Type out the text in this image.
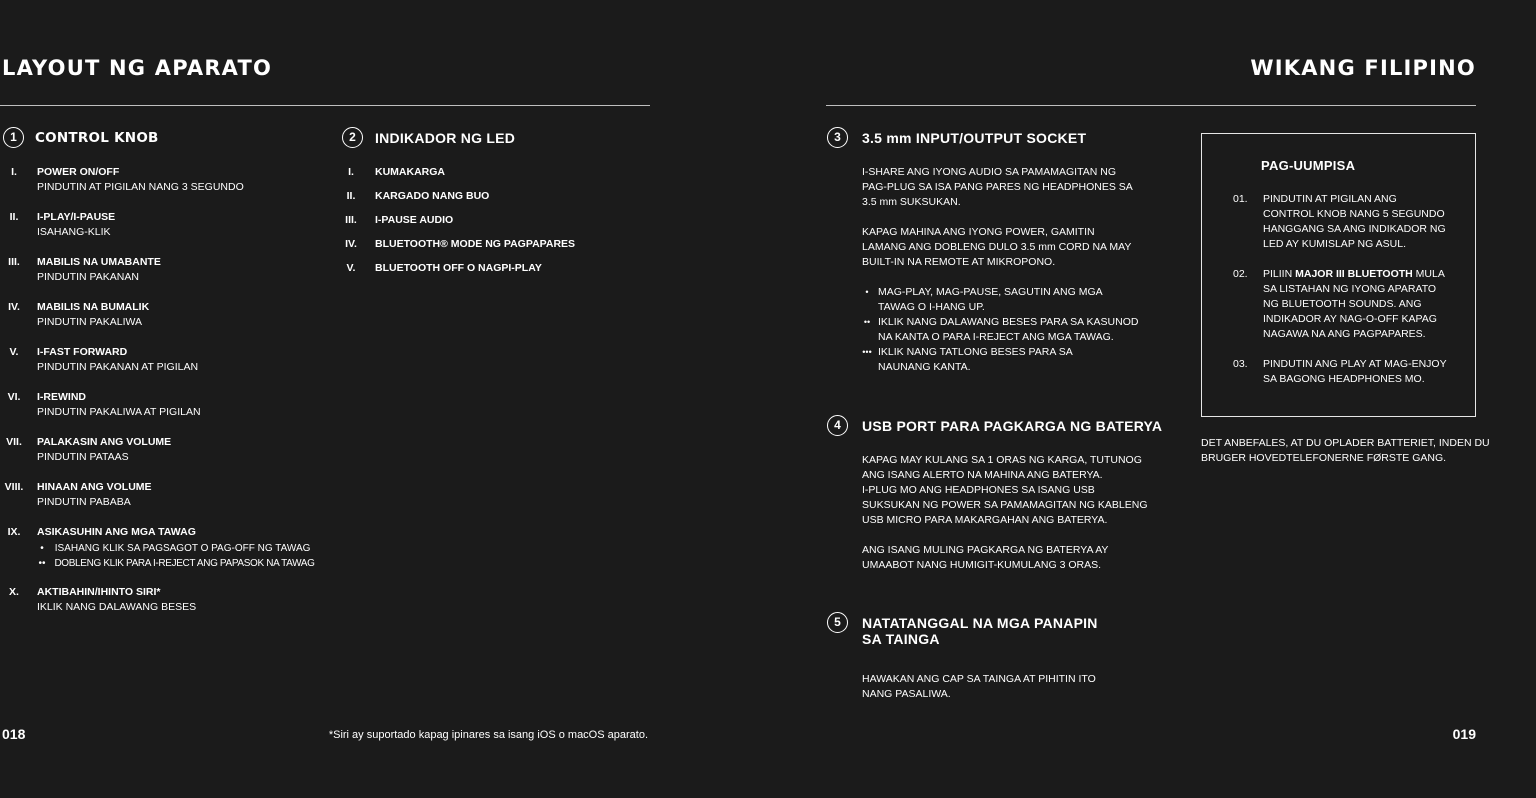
LAYOUT NG APARATO
1	CONTROL KNOB
I.	POWER ON/OFF
PINDUTIN AT PIGILAN NANG 3 SEGUNDO
II.	I-PLAY/I-PAUSE
ISAHANG-KLIK
III.	MABILIS NA UMABANTE
PINDUTIN PAKANAN
IV.	MABILIS NA BUMALIK
PINDUTIN PAKALIWA
V.	I-FAST FORWARD
PINDUTIN PAKANAN AT PIGILAN
VI.	I-REWIND
PINDUTIN PAKALIWA AT PIGILAN
VII.	PALAKASIN ANG VOLUME
PINDUTIN PATAAS
VIII. HINAAN ANG VOLUME
PINDUTIN PABABA
IX.	ASIKASUHIN ANG MGA TAWAG
• ISAHANG KLIK SA PAGSAGOT O PAG-OFF NG TAWAG
•• DOBLENG KLIK PARA I-REJECT ANG PAPASOK NA TAWAG
X.	AKTIBAHIN/IHINTO SIRI*
IKLIK NANG DALAWANG BESES
2	INDIKADOR NG LED
I.	KUMAKARGA
II.	KARGADO NANG BUO
III.	I-PAUSE AUDIO
IV.	BLUETOOTH® MODE NG PAGPAPARES
V.	BLUETOOTH OFF O NAGPI-PLAY
018	*Siri ay suportado kapag ipinares sa isang iOS o macOS aparato.
WIKANG FILIPINO
3	3.5 mm INPUT/OUTPUT SOCKET
I-SHARE ANG IYONG AUDIO SA PAMAMAGITAN NG
PAG-PLUG SA ISA PANG PARES NG HEADPHONES SA
3.5 mm SUKSUKAN.
KAPAG MAHINA ANG IYONG POWER, GAMITIN
LAMANG ANG DOBLENG DULO 3.5 mm CORD NA MAY
BUILT-IN NA REMOTE AT MIKROPONO.
• MAG-PLAY, MAG-PAUSE, SAGUTIN ANG MGA
TAWAG O I-HANG UP.
•• IKLIK NANG DALAWANG BESES PARA SA KASUNOD
NA KANTA O PARA I-REJECT ANG MGA TAWAG.
••• IKLIK NANG TATLONG BESES PARA SA
NAUNANG KANTA.
4	USB PORT PARA PAGKARGA NG BATERYA
KAPAG MAY KULANG SA 1 ORAS NG KARGA, TUTUNOG
ANG ISANG ALERTO NA MAHINA ANG BATERYA.
I-PLUG MO ANG HEADPHONES SA ISANG USB
SUKSUKAN NG POWER SA PAMAMAGITAN NG KABLENG
USB MICRO PARA MAKARGAHAN ANG BATERYA.
ANG ISANG MULING PAGKARGA NG BATERYA AY
UMAABOT NANG HUMIGIT-KUMULANG 3 ORAS.
5	NATATANGGAL NA MGA PANAPIN
SA TAINGA
HAWAKAN ANG CAP SA TAINGA AT PIHITIN ITO
NANG PASALIWA.
PAG-UUMPISA
01. PINDUTIN AT PIGILAN ANG
CONTROL KNOB NANG 5 SEGUNDO
HANGGANG SA ANG INDIKADOR NG
LED AY KUMISLAP NG ASUL.
02. PILIIN MAJOR III BLUETOOTH MULA
SA LISTAHAN NG IYONG APARATO
NG BLUETOOTH SOUNDS. ANG
INDIKADOR AY NAG-O-OFF KAPAG
NAGAWA NA ANG PAGPAPARES.
03. PINDUTIN ANG PLAY AT MAG-ENJOY
SA BAGONG HEADPHONES MO.
DET ANBEFALES, AT DU OPLADER BATTERIET, INDEN DU
BRUGER HOVEDTELEFONERNE FØRSTE GANG.
019
